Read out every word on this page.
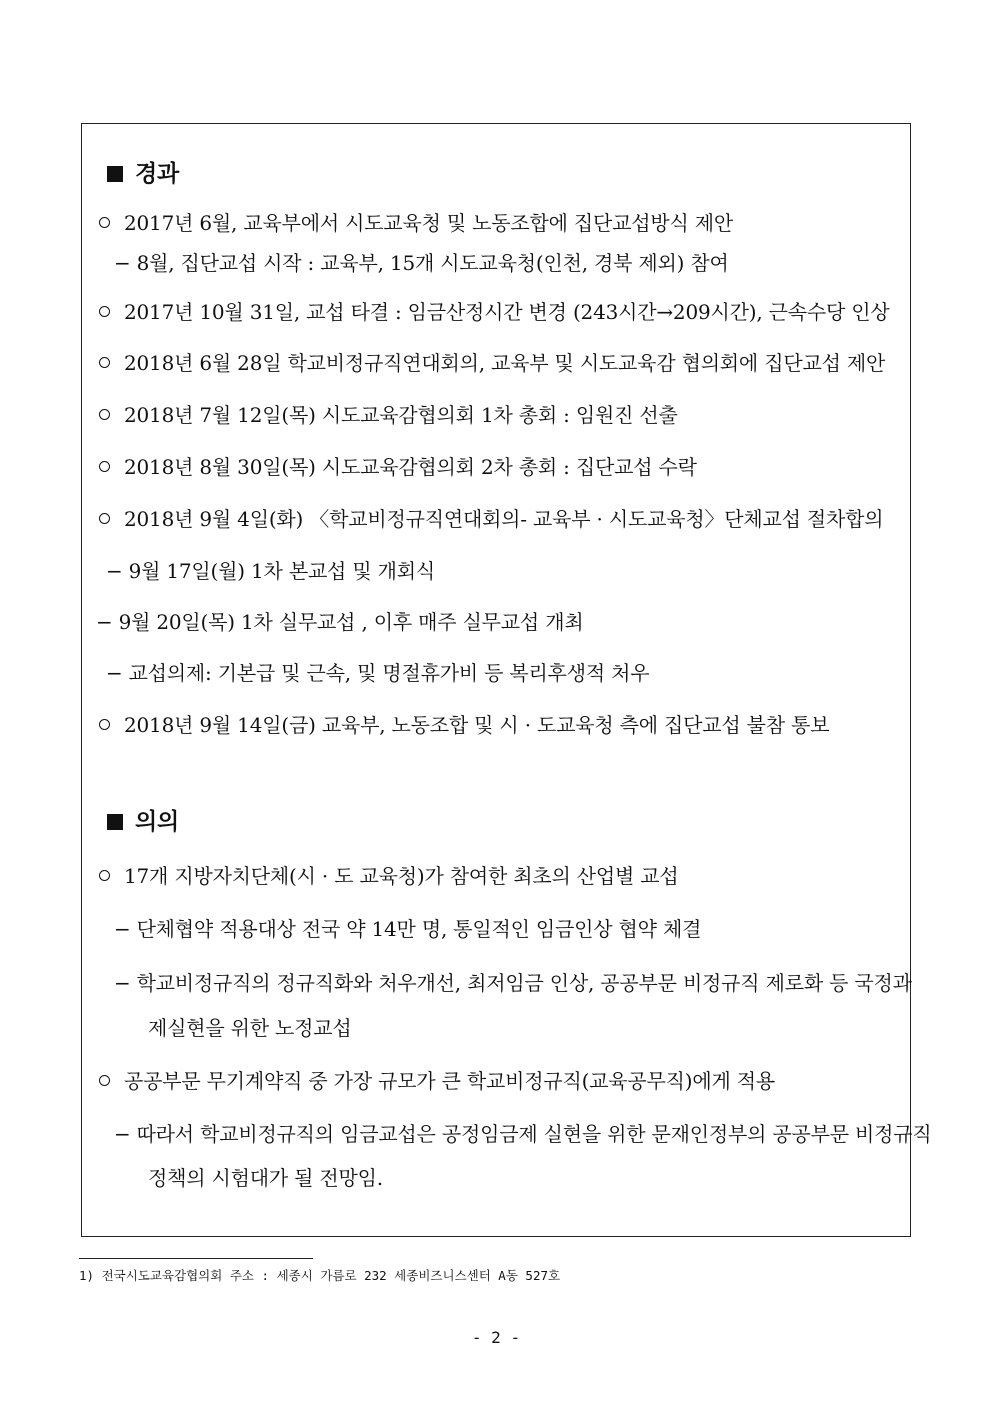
경과
2017년 6월, 교육부에서 시도교육청 및 노동조합에 집단교섭방식 제안
− 8월, 집단교섭 시작 : 교육부, 15개 시도교육청(인천, 경북 제외) 참여
2017년 10월 31일, 교섭 타결 : 임금산정시간 변경 (243시간→209시간), 근속수당 인상
2018년 6월 28일 학교비정규직연대회의, 교육부 및 시도교육감 협의회에 집단교섭 제안
2018년 7월 12일(목) 시도교육감협의회 1차 총회 : 임원진 선출
2018년 8월 30일(목) 시도교육감협의회 2차 총회 : 집단교섭 수락
2018년 9월 4일(화) 〈학교비정규직연대회의- 교육부 · 시도교육청〉단체교섭 절차합의
− 9월 17일(월) 1차 본교섭 및 개회식
− 9월 20일(목) 1차 실무교섭 , 이후 매주 실무교섭 개최
− 교섭의제: 기본급 및 근속, 및 명절휴가비 등 복리후생적 처우
2018년 9월 14일(금) 교육부, 노동조합 및 시 · 도교육청 측에 집단교섭 불참 통보
의의
17개 지방자치단체(시 · 도 교육청)가 참여한 최초의 산업별 교섭
− 단체협약 적용대상 전국 약 14만 명, 통일적인 임금인상 협약 체결
− 학교비정규직의 정규직화와 처우개선, 최저임금 인상, 공공부문 비정규직 제로화 등 국정과
제실현을 위한 노정교섭
공공부문 무기계약직 중 가장 규모가 큰 학교비정규직(교육공무직)에게 적용
− 따라서 학교비정규직의 임금교섭은 공정임금제 실현을 위한 문재인정부의 공공부문 비정규직
정책의 시험대가 될 전망임.
1) 전국시도교육감협의회 주소 : 세종시 가름로 232 세종비즈니스센터 A동 527호
- 2 -
